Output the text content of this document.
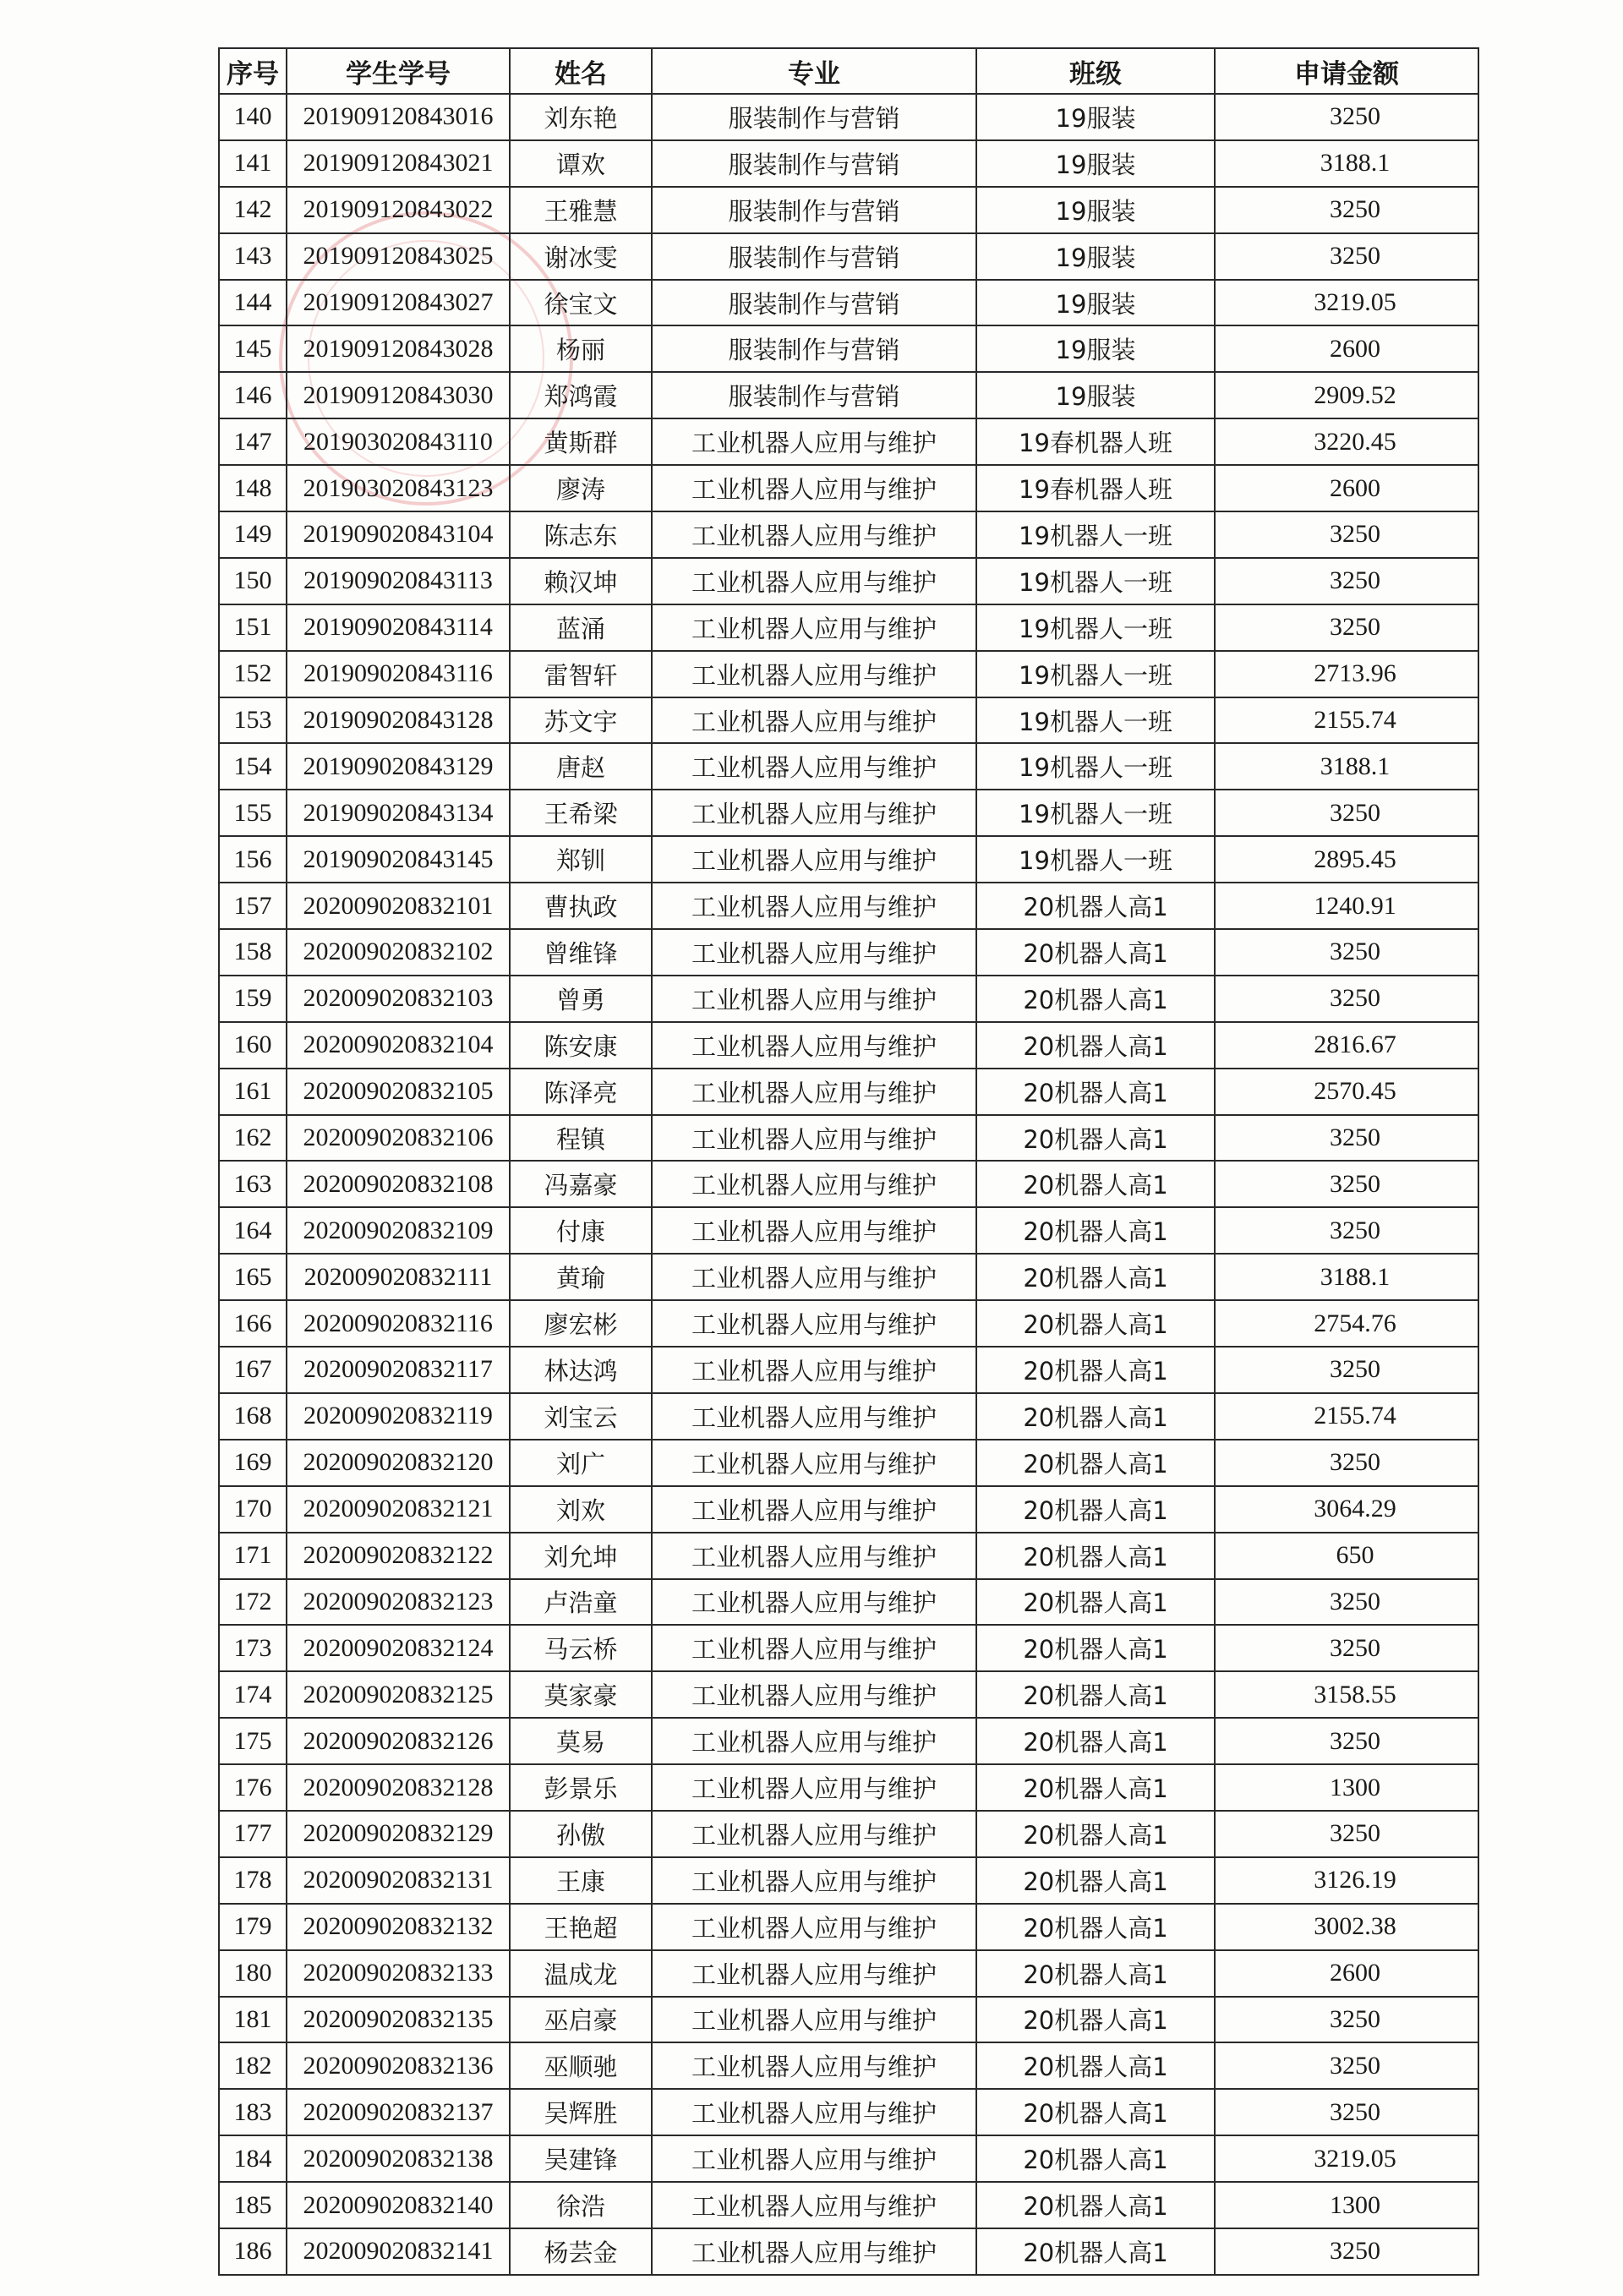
序号	学生学号	姓名	专业	班级	申请金额
140	201909120843016	刘东艳	服装制作与营销	19服装	3250
141	201909120843021	谭欢	服装制作与营销	19服装	3188.1
142	201909120843022	王雅慧	服装制作与营销	19服装	3250
143	201909120843025	谢冰雯	服装制作与营销	19服装	3250
144	201909120843027	徐宝文	服装制作与营销	19服装	3219.05
145	201909120843028	杨丽	服装制作与营销	19服装	2600
146	201909120843030	郑鸿霞	服装制作与营销	19服装	2909.52
147	201903020843110	黄斯群	工业机器人应用与维护	19春机器人班	3220.45
148	201903020843123	廖涛	工业机器人应用与维护	19春机器人班	2600
149	201909020843104	陈志东	工业机器人应用与维护	19机器人一班	3250
150	201909020843113	赖汉坤	工业机器人应用与维护	19机器人一班	3250
151	201909020843114	蓝涌	工业机器人应用与维护	19机器人一班	3250
152	201909020843116	雷智轩	工业机器人应用与维护	19机器人一班	2713.96
153	201909020843128	苏文宇	工业机器人应用与维护	19机器人一班	2155.74
154	201909020843129	唐赵	工业机器人应用与维护	19机器人一班	3188.1
155	201909020843134	王希梁	工业机器人应用与维护	19机器人一班	3250
156	201909020843145	郑钏	工业机器人应用与维护	19机器人一班	2895.45
157	202009020832101	曹执政	工业机器人应用与维护	20机器人高1	1240.91
158	202009020832102	曾维锋	工业机器人应用与维护	20机器人高1	3250
159	202009020832103	曾勇	工业机器人应用与维护	20机器人高1	3250
160	202009020832104	陈安康	工业机器人应用与维护	20机器人高1	2816.67
161	202009020832105	陈泽亮	工业机器人应用与维护	20机器人高1	2570.45
162	202009020832106	程镇	工业机器人应用与维护	20机器人高1	3250
163	202009020832108	冯嘉豪	工业机器人应用与维护	20机器人高1	3250
164	202009020832109	付康	工业机器人应用与维护	20机器人高1	3250
165	202009020832111	黄瑜	工业机器人应用与维护	20机器人高1	3188.1
166	202009020832116	廖宏彬	工业机器人应用与维护	20机器人高1	2754.76
167	202009020832117	林达鸿	工业机器人应用与维护	20机器人高1	3250
168	202009020832119	刘宝云	工业机器人应用与维护	20机器人高1	2155.74
169	202009020832120	刘广	工业机器人应用与维护	20机器人高1	3250
170	202009020832121	刘欢	工业机器人应用与维护	20机器人高1	3064.29
171	202009020832122	刘允坤	工业机器人应用与维护	20机器人高1	650
172	202009020832123	卢浩童	工业机器人应用与维护	20机器人高1	3250
173	202009020832124	马云桥	工业机器人应用与维护	20机器人高1	3250
174	202009020832125	莫家豪	工业机器人应用与维护	20机器人高1	3158.55
175	202009020832126	莫易	工业机器人应用与维护	20机器人高1	3250
176	202009020832128	彭景乐	工业机器人应用与维护	20机器人高1	1300
177	202009020832129	孙傲	工业机器人应用与维护	20机器人高1	3250
178	202009020832131	王康	工业机器人应用与维护	20机器人高1	3126.19
179	202009020832132	王艳超	工业机器人应用与维护	20机器人高1	3002.38
180	202009020832133	温成龙	工业机器人应用与维护	20机器人高1	2600
181	202009020832135	巫启豪	工业机器人应用与维护	20机器人高1	3250
182	202009020832136	巫顺驰	工业机器人应用与维护	20机器人高1	3250
183	202009020832137	吴辉胜	工业机器人应用与维护	20机器人高1	3250
184	202009020832138	吴建锋	工业机器人应用与维护	20机器人高1	3219.05
185	202009020832140	徐浩	工业机器人应用与维护	20机器人高1	1300
186	202009020832141	杨芸金	工业机器人应用与维护	20机器人高1	3250
